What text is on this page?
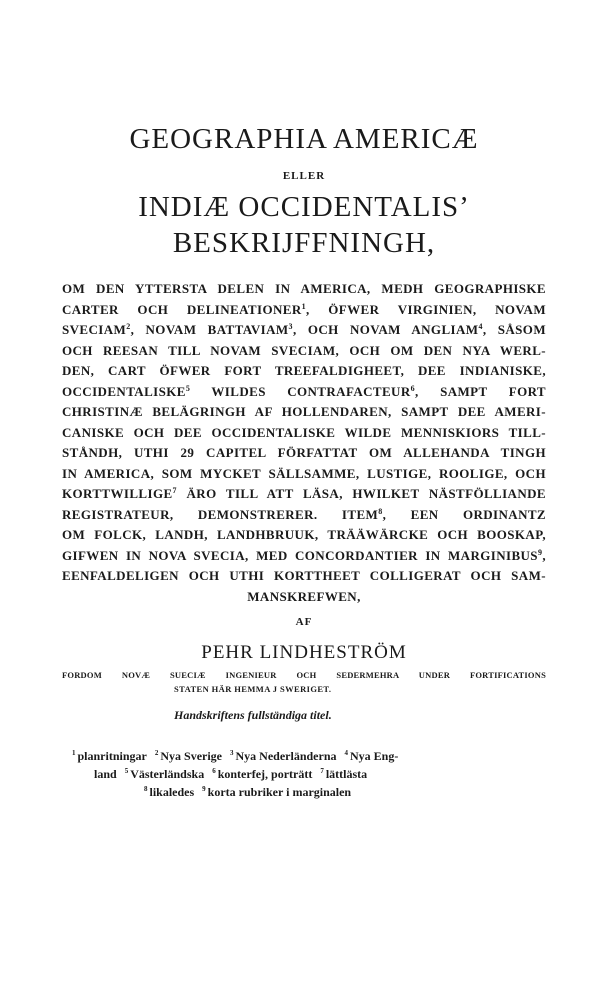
GEOGRAPHIA AMERICÆ
ELLER
INDIÆ OCCIDENTALIS’
BESKRIJFFNINGH,
OM DEN YTTERSTA DELEN IN AMERICA, MEDH GEOGRAPHISKE
CARTER OCH DELINEATIONER$^1$, ÖFWER VIRGINIEN, NOVAM
SVECIAM$^2$, NOVAM BATTAVIAM$^3$, OCH NOVAM ANGLIAM$^4$, SÅSOM
OCH REESAN TILL NOVAM SVECIAM, OCH OM DEN NYA WERL-
DEN, CART ÖFWER FORT TREEFALDIGHEET, DEE INDIANISKE,
OCCIDENTALISKE$^5$ WILDES CONTRAFACTEUR$^6$, SAMPT FORT
CHRISTINÆ BELÄGRINGH AF HOLLENDAREN, SAMPT DEE AMERI-
CANISKE OCH DEE OCCIDENTALISKE WILDE MENNISKIORS TILL-
STÅNDH, UTHI 29 CAPITEL FÖRFATTAT OM ALLEHANDA TINGH
IN AMERICA, SOM MYCKET SÄLLSAMME, LUSTIGE, ROOLIGE, OCH
KORTTWILLIGE$^7$ ÄRO TILL ATT LÄSA, HWILKET NÄSTFÖLLIANDE
REGISTRATEUR, DEMONSTRERER. ITEM$^8$, EEN ORDINANTZ
OM FOLCK, LANDH, LANDHBRUUK, TRÄÄWÄRCKE OCH BOOSKAP,
GIFWEN IN NOVA SVECIA, MED CONCORDANTIER IN MARGINIBUS$^9$,
EENFALDELIGEN OCH UTHI KORTTHEET COLLIGERAT OCH SAM-
MANSKREFWEN,
AF
PEHR LINDHESTRÖM
FORDOM NOVÆ SUECIÆ INGENIEUR OCH SEDERMEHRA UNDER FORTIFICATIONS
STATEN HÄR HEMMA J SWERIGET.
Handskriftens fullständiga titel.
$^1$ planritningar $^2$ Nya Sverige $^3$ Nya Nederländerna $^4$ Nya Eng-
land $^5$ Västerländska $^6$ konterfej, porträtt $^7$ lättlästa
$^8$ likaledes $^9$ korta rubriker i marginalen
